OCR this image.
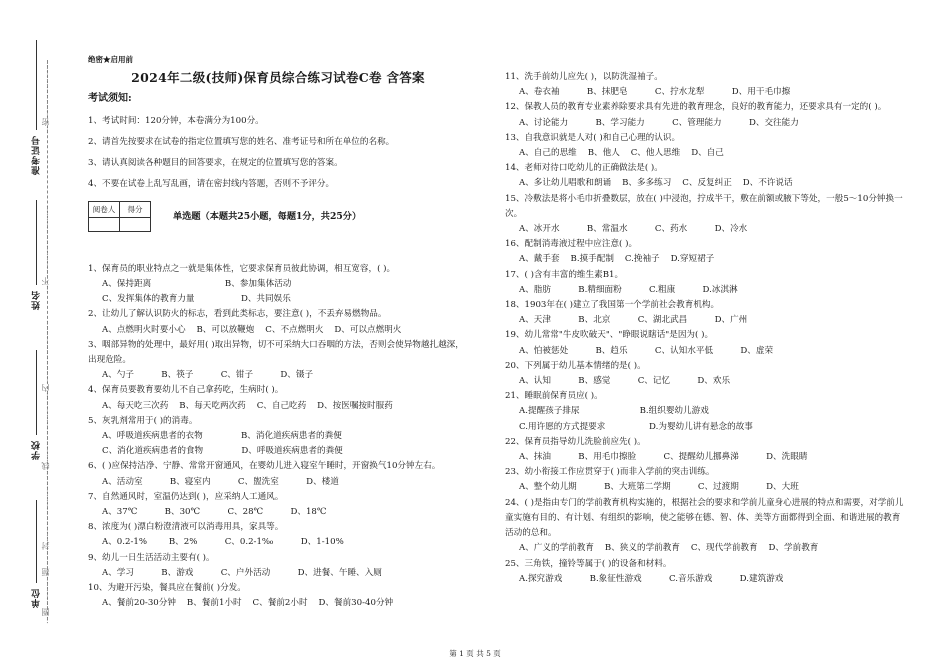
准考证号
姓名
学校
单位
…密…………………
…不………………………
…内……………………
…线………………………
…封………………………
…圈…………题…
绝密★启用前
2024年二级(技师)保育员综合练习试卷C卷 含答案
考试须知:

1、考试时间：120分钟，本卷满分为100分。

2、请首先按要求在试卷的指定位置填写您的姓名、准考证号和所在单位的名称。

3、请认真阅读各种题目的回答要求，在规定的位置填写您的答案。

4、不要在试卷上乱写乱画，请在密封线内答题，否则不予评分。

阅卷人	得分

单选题（本题共25小题，每题1分，共25分）
1、保育员的职业特点之一就是集体性，它要求保育员彼此协调，相互宽容，( )。
A、保持距离                           B、参加集体活动
C、发挥集体的教育力量                 D、共同娱乐
2、让幼儿了解认识防火的标志，看到此类标志，要注意( )，不丢弃易燃物品。
A、点燃明火时要小心    B、可以放鞭炮    C、不点燃明火    D、可以点燃明火
3、咽部异物的处理中，最好用( )取出异物，切不可采纳大口吞咽的方法，否则会使异物越扎越深，出现危险。
A、勺子          B、筷子          C、钳子          D、镊子
4、保育员要教育要幼儿不自己拿药吃，生病时( )。
A、每天吃三次药    B、每天吃两次药    C、自己吃药    D、按医嘱按时服药
5、灰乳剂常用于( )的消毒。
A、呼吸道疾病患者的衣物              B、消化道疾病患者的粪便
C、消化道疾病患者的食物              D、呼吸道疾病患者的粪便
6、( )应保持洁净、宁静、常常开窗通风，在婴幼儿进入寝室午睡时，开窗换气10分钟左右。
A、活动室          B、寝室内          C、盥洗室          D、楼道
7、自然通风时，室温仍达到( )，应采纳人工通风。
A、37℃          B、30℃          C、28℃          D、18℃
8、浓度为( )漂白粉澄清液可以消毒用具，家具等。
A、0.2-1%        B、2%          C、0.2-1‰          D、1-10%
9、幼儿一日生活活动主要有( )。
A、学习          B、游戏          C、户外活动          D、进餐、午睡、入厕
10、为避开污染，餐具应在餐前( )分发。
A、餐前20-30分钟    B、餐前1小时    C、餐前2小时    D、餐前30-40分钟
11、洗手前幼儿应先( )，以防洗湿袖子。
A、卷衣袖          B、抹肥皂          C、拧水龙犁          D、用干毛巾擦
12、保教人员的教育专业素养除要求具有先进的教育理念，良好的教育能力，还要求具有一定的( )。
A、讨论能力          B、学习能力          C、管理能力          D、交往能力
13、自我意识就是人对( )和自己心理的认识。
A、自己的思维    B、他人    C、他人思维    D、自己
14、老师对待口吃幼儿的正确做法是( )。
A、多让幼儿唱歌和朗诵    B、多多练习    C、反复纠正    D、不许说话
15、冷敷法是将小毛巾折叠数层，放在( )中浸泡，拧成半干，敷在前额或腋下等处，一般5～10分钟换一次。
A、冰开水          B、常温水          C、药水          D、冷水
16、配制消毒液过程中应注意( )。
A、戴手套    B.摸手配制    C.挽袖子    D.穿短裙子
17、( )含有丰富的维生素B1。
A、脂肪          B.精细面粉          C.粗康          D.冰淇淋
18、1903年在( )建立了我国第一个学前社会教育机构。
A、天津          B、北京          C、湖北武昌          D、广州
19、幼儿常常"牛皮吹破天"、"睁眼说瞎话"是因为( )。
A、怕被惩处          B、趋乐          C、认知水平低          D、虚荣
20、下列属于幼儿基本情绪的是( )。
A、认知          B、感觉          C、记忆          D、欢乐
21、睡眠前保育员应( )。
A.提醒孩子排尿                      B.组织婴幼儿游戏
C.用许愿的方式提要求                D.为婴幼儿讲有悬念的故事
22、保育员指导幼儿洗脸前应先( )。
A、抹油          B、用毛巾擦脸          C、提醒幼儿挪鼻涕          D、洗眼睛
23、幼小衔接工作应贯穿于( )而非入学前的突击训练。
A、整个幼儿期          B、大班第二学期          C、过渡期          D、大班
24、( )是指由专门的学前教育机构实施的，根据社会的要求和学前儿童身心进展的特点和需要，对学前儿童实施有目的、有计划、有组织的影响，使之能够在德、智、体、美等方面都得到全面、和谐进展的教育活动的总和。
A、广义的学前教育    B、狭义的学前教育    C、现代学前教育    D、学前教育
25、三角铁，撞铃等属于( )的设备和材料。
A.探究游戏          B.象征性游戏          C.音乐游戏          D.建筑游戏
第 1 页 共 5 页
